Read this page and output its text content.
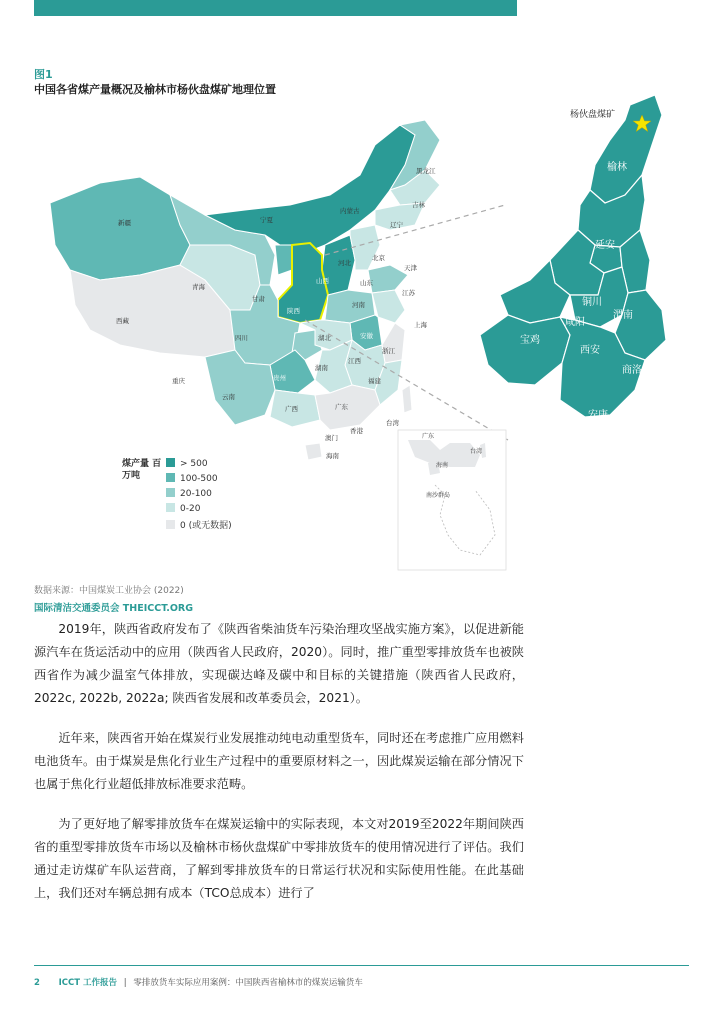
图1
中国各省煤产量概况及榆林市杨伙盘煤矿地理位置
新疆
西藏
青海
甘肃
宁夏
内蒙古
黑龙江
吉林
辽宁
北京
天津
河北
山西	山东
河南
陕西
江苏
上海
安徽
四川
重庆
湖北
浙江
江西
湖南
贵州
云南
广西	广东
福建
台湾
香港
澳门
海南
广东
台湾
海南
南沙群岛
杨伙盘煤矿
榆林
延安
铜川
渭南
咸阳
宝鸡
西安
商洛
汉中
安康
煤产量 百万吨
> 500
100-500
20-100
0-20
0 (或无数据)
数据来源：中国煤炭工业协会 (2022)
国际清洁交通委员会 THEICCT.ORG

2019年，陕西省政府发布了《陕西省柴油货车污染治理攻坚战实施方案》，以促进新能源汽车在货运活动中的应用（陕西省人民政府，2020）。同时，推广重型零排放货车也被陕西省作为减少温室气体排放，实现碳达峰及碳中和目标的关键措施（陕西省人民政府，2022c, 2022b, 2022a; 陕西省发展和改革委员会，2021）。

近年来，陕西省开始在煤炭行业发展推动纯电动重型货车，同时还在考虑推广应用燃料电池货车。由于煤炭是焦化行业生产过程中的重要原材料之一，因此煤炭运输在部分情况下也属于焦化行业超低排放标准要求范畴。

为了更好地了解零排放货车在煤炭运输中的实际表现，本文对2019至2022年期间陕西省的重型零排放货车市场以及榆林市杨伙盘煤矿中零排放货车的使用情况进行了评估。我们通过走访煤矿车队运营商，了解到零排放货车的日常运行状况和实际使用性能。在此基础上，我们还对车辆总拥有成本（TCO总成本）进行了

2 ICCT 工作报告 | 零排放货车实际应用案例：中国陕西省榆林市的煤炭运输货车
